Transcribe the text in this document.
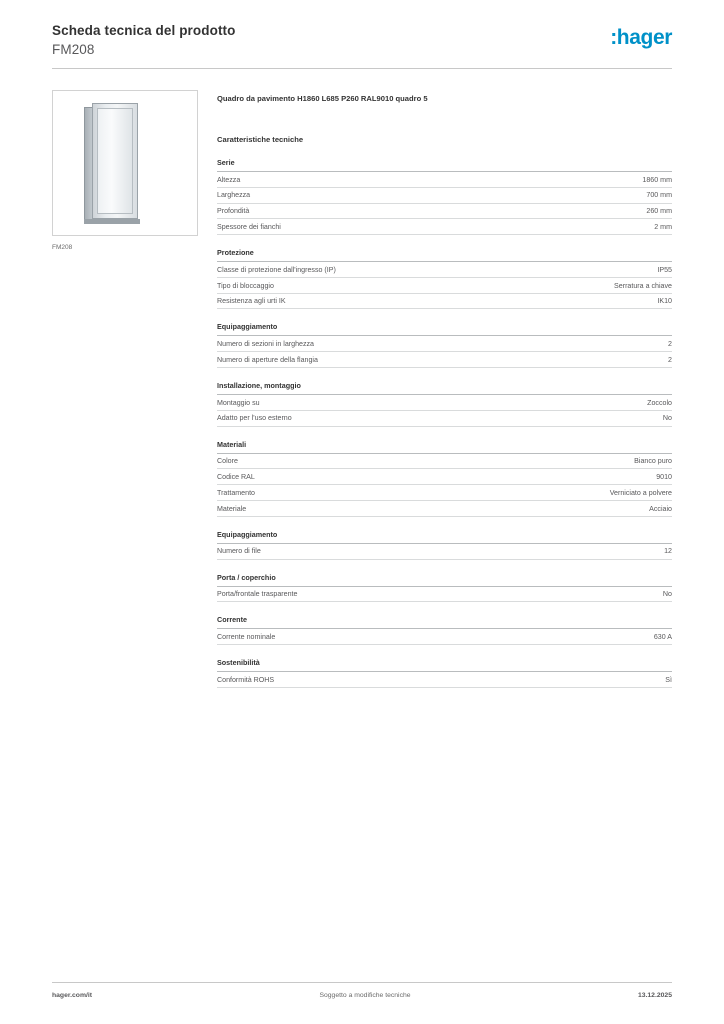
Scheda tecnica del prodotto
FM208
:hager
FM208
Quadro da pavimento H1860 L685 P260 RAL9010 quadro 5
Caratteristiche tecniche
Serie
Altezza	1860 mm
Larghezza	700 mm
Profondità	260 mm
Spessore dei fianchi	2 mm
Protezione
Classe di protezione dall'ingresso (IP)	IP55
Tipo di bloccaggio	Serratura a chiave
Resistenza agli urti IK	IK10
Equipaggiamento
Numero di sezioni in larghezza	2
Numero di aperture della flangia	2
Installazione, montaggio
Montaggio su	Zoccolo
Adatto per l'uso esterno	No
Materiali
Colore	Bianco puro
Codice RAL	9010
Trattamento	Verniciato a polvere
Materiale	Acciaio
Equipaggiamento
Numero di file	12
Porta / coperchio
Porta/frontale trasparente	No
Corrente
Corrente nominale	630 A
Sostenibilità
Conformità ROHS	Sì
hager.com/it	Soggetto a modifiche tecniche	13.12.2025
